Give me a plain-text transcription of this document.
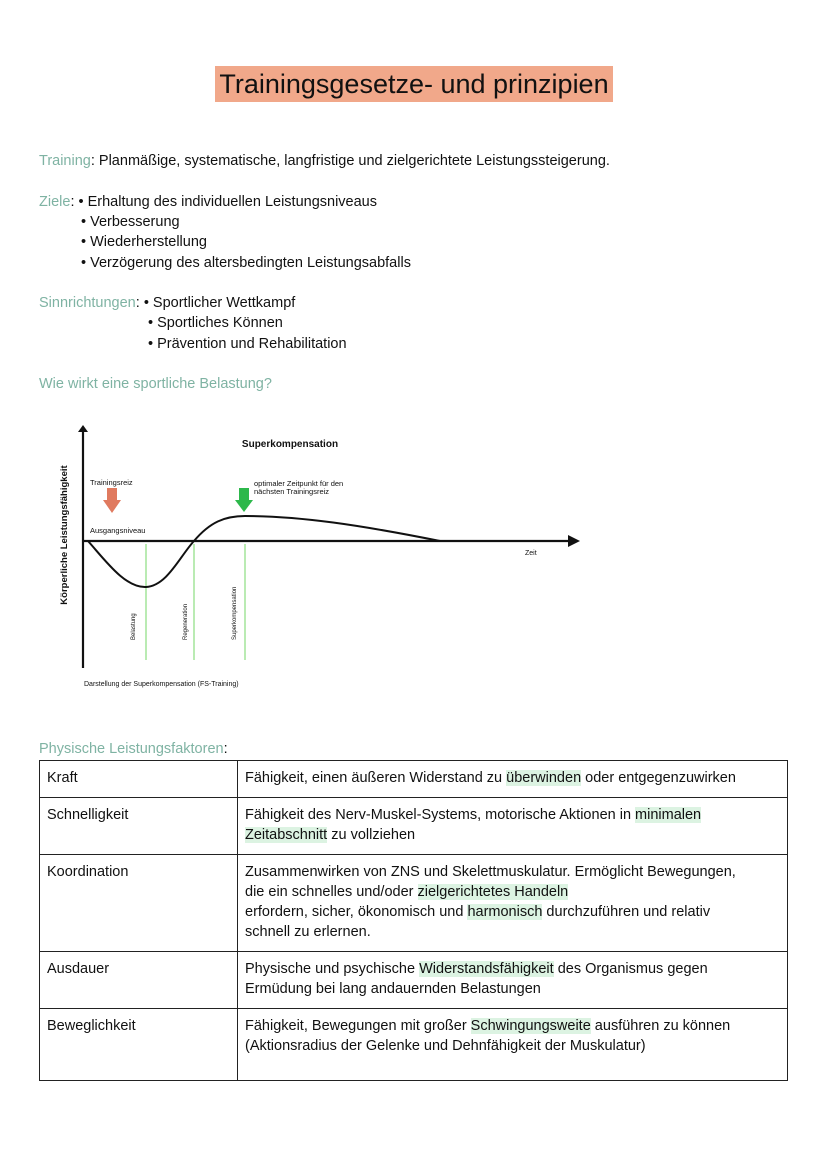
Trainingsgesetze- und prinzipien
Training: Planmäßige, systematische, langfristige und zielgerichtete Leistungssteigerung.
Ziele: • Erhaltung des individuellen Leistungsniveaus
• Verbesserung
• Wiederherstellung
• Verzögerung des altersbedingten Leistungsabfalls
Sinnrichtungen: • Sportlicher Wettkampf
• Sportliches Können
• Prävention und Rehabilitation
Wie wirkt eine sportliche Belastung?
Superkompensation
Körperliche Leistungsfähigkeit	Trainingsreiz	optimaler Zeitpunkt für den
nächsten Trainingsreiz
Ausgangsniveau
Zeit
Belastung	Regeneration	Superkompensation
Darstellung der Superkompensation (FS-Training)
Physische Leistungsfaktoren:
Kraft	Fähigkeit, einen äußeren Widerstand zu überwinden oder entgegenzuwirken

Schnelligkeit	Fähigkeit des Nerv-Muskel-Systems, motorische Aktionen in minimalen
Zeitabschnitt zu vollziehen

Koordination	Zusammenwirken von ZNS und Skelettmuskulatur. Ermöglicht Bewegungen,
die ein schnelles und/oder zielgerichtetes Handeln
erfordern, sicher, ökonomisch und harmonisch durchzuführen und relativ
schnell zu erlernen.

Ausdauer	Physische und psychische Widerstandsfähigkeit des Organismus gegen
Ermüdung bei lang andauernden Belastungen

Beweglichkeit	Fähigkeit, Bewegungen mit großer Schwingungsweite ausführen zu können
(Aktionsradius der Gelenke und Dehnfähigkeit der Muskulatur)
